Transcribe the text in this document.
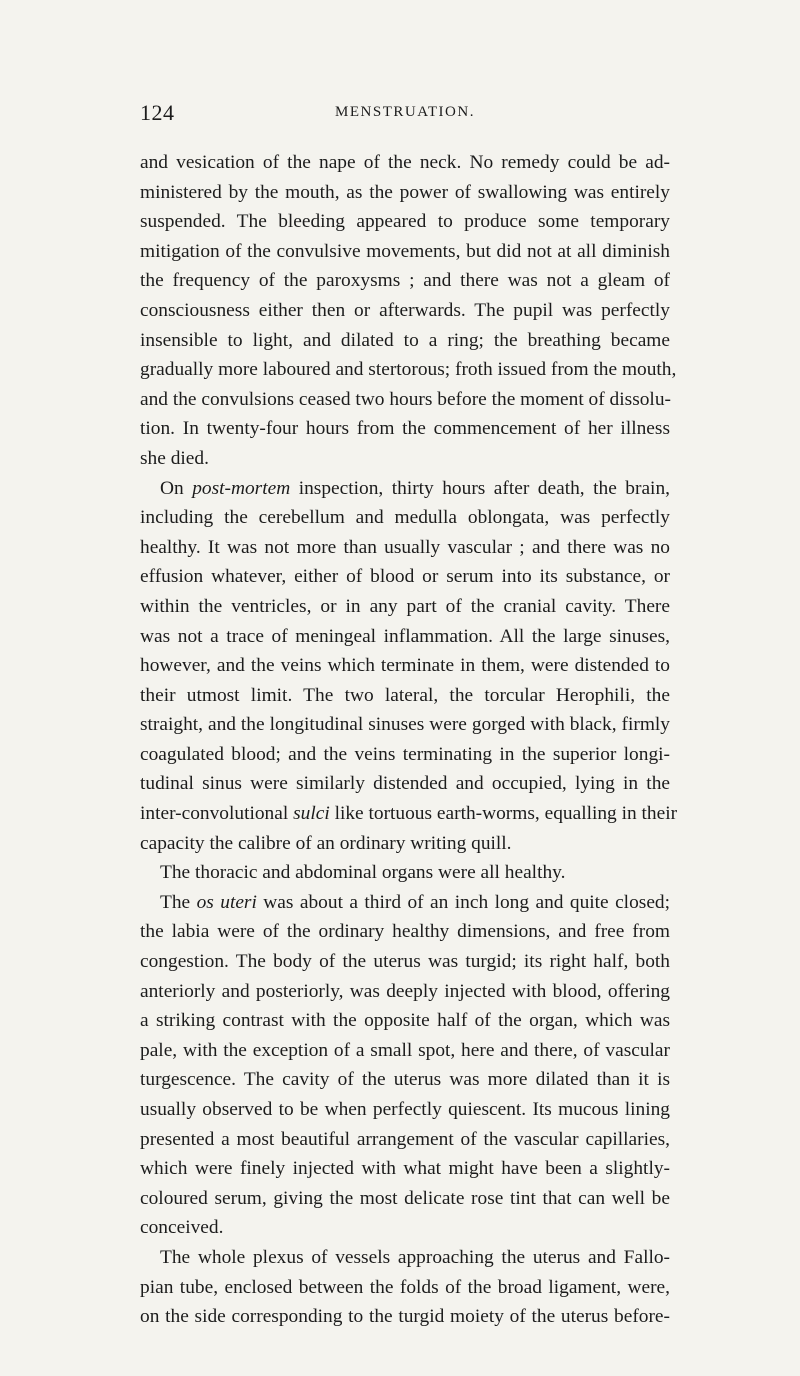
124	MENSTRUATION.
and vesication of the nape of the neck. No remedy could be ad-
ministered by the mouth, as the power of swallowing was entirely
suspended. The bleeding appeared to produce some temporary
mitigation of the convulsive movements, but did not at all diminish
the frequency of the paroxysms ; and there was not a gleam of
consciousness either then or afterwards. The pupil was perfectly
insensible to light, and dilated to a ring; the breathing became
gradually more laboured and stertorous; froth issued from the mouth,
and the convulsions ceased two hours before the moment of dissolu-
tion. In twenty-four hours from the commencement of her illness
she died.
On post-mortem inspection, thirty hours after death, the brain,
including the cerebellum and medulla oblongata, was perfectly
healthy. It was not more than usually vascular ; and there was no
effusion whatever, either of blood or serum into its substance, or
within the ventricles, or in any part of the cranial cavity. There
was not a trace of meningeal inflammation. All the large sinuses,
however, and the veins which terminate in them, were distended to
their utmost limit. The two lateral, the torcular Herophili, the
straight, and the longitudinal sinuses were gorged with black, firmly
coagulated blood; and the veins terminating in the superior longi-
tudinal sinus were similarly distended and occupied, lying in the
inter-convolutional sulci like tortuous earth-worms, equalling in their
capacity the calibre of an ordinary writing quill.
The thoracic and abdominal organs were all healthy.
The os uteri was about a third of an inch long and quite closed;
the labia were of the ordinary healthy dimensions, and free from
congestion. The body of the uterus was turgid; its right half, both
anteriorly and posteriorly, was deeply injected with blood, offering
a striking contrast with the opposite half of the organ, which was
pale, with the exception of a small spot, here and there, of vascular
turgescence. The cavity of the uterus was more dilated than it is
usually observed to be when perfectly quiescent. Its mucous lining
presented a most beautiful arrangement of the vascular capillaries,
which were finely injected with what might have been a slightly-
coloured serum, giving the most delicate rose tint that can well be
conceived.
The whole plexus of vessels approaching the uterus and Fallo-
pian tube, enclosed between the folds of the broad ligament, were,
on the side corresponding to the turgid moiety of the uterus before-
